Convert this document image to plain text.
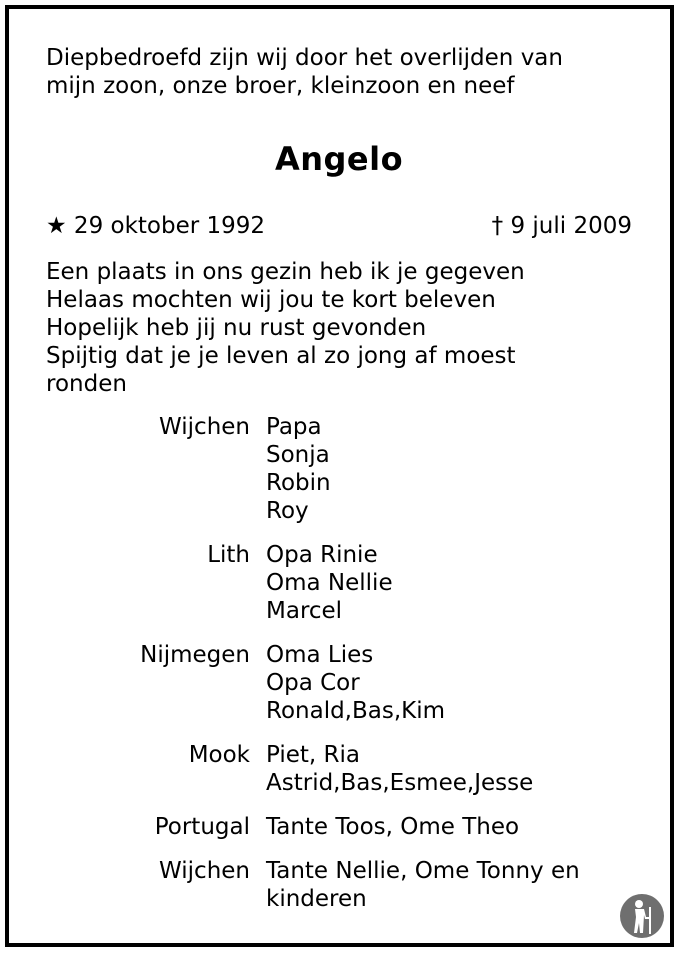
Diepbedroefd zijn wij door het overlijden van
mijn zoon, onze broer, kleinzoon en neef
Angelo
★ 29 oktober 1992	† 9 juli 2009
Een plaats in ons gezin heb ik je gegeven
Helaas mochten wij jou te kort beleven
Hopelijk heb jij nu rust gevonden
Spijtig dat je je leven al zo jong af moest
ronden
Wijchen Papa
Sonja
Robin
Roy
Lith Opa Rinie
Oma Nellie
Marcel
Nijmegen Oma Lies
Opa Cor
Ronald,Bas,Kim
Mook Piet, Ria
Astrid,Bas,Esmee,Jesse
Portugal Tante Toos, Ome Theo
Wijchen Tante Nellie, Ome Tonny en
kinderen
